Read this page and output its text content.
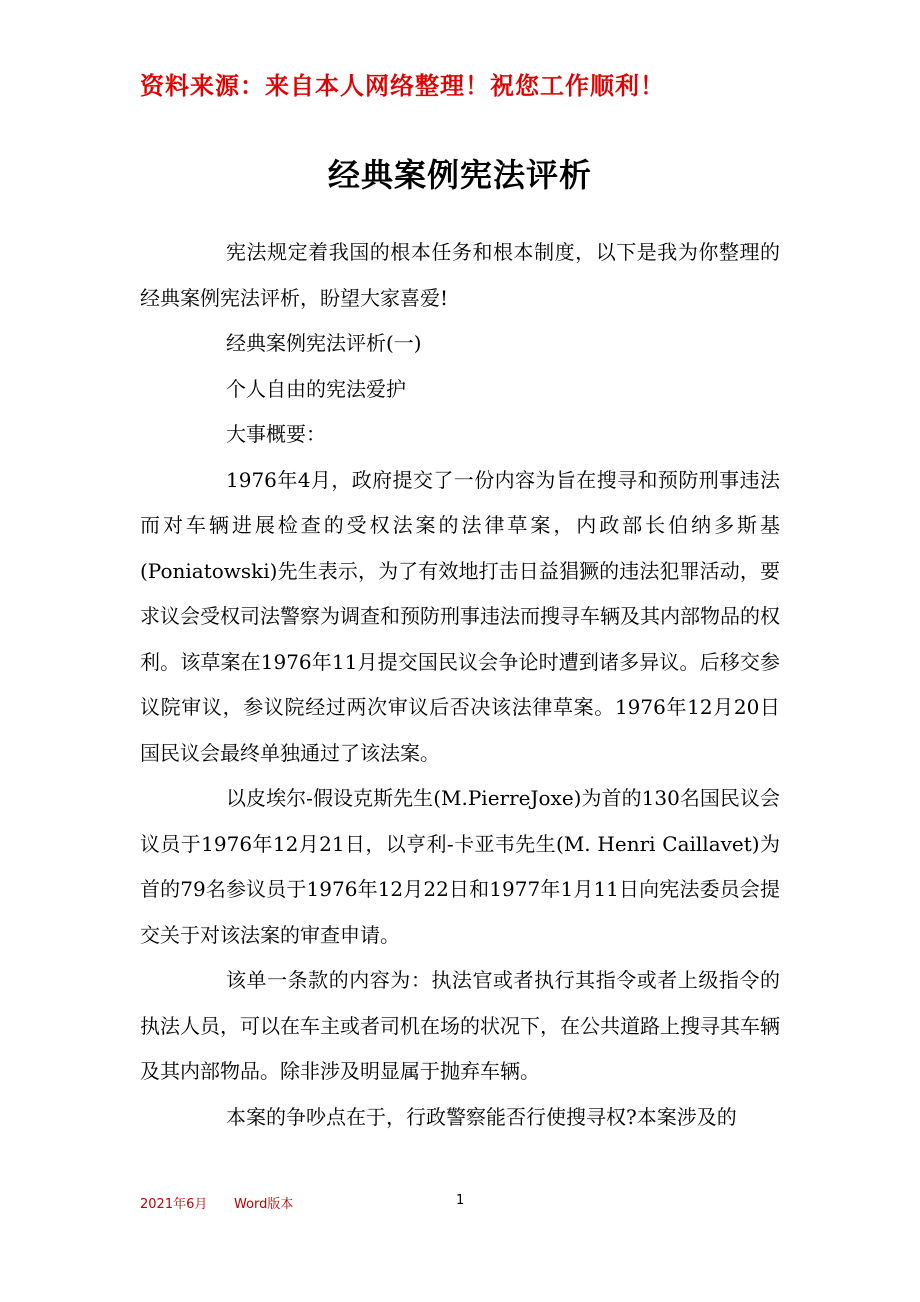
资料来源：来自本人网络整理！祝您工作顺利！
经典案例宪法评析

宪法规定着我国的根本任务和根本制度，以下是我为你整理的经典案例宪法评析，盼望大家喜爱!

经典案例宪法评析(一)

个人自由的宪法爱护

大事概要：

1976年4月，政府提交了一份内容为旨在搜寻和预防刑事违法而对车辆进展检查的受权法案的法律草案，内政部长伯纳多斯基(Poniatowski)先生表示，为了有效地打击日益猖獗的违法犯罪活动，要求议会受权司法警察为调查和预防刑事违法而搜寻车辆及其内部物品的权利。该草案在1976年11月提交国民议会争论时遭到诸多异议。后移交参议院审议，参议院经过两次审议后否决该法律草案。1976年12月20日国民议会最终单独通过了该法案。

以皮埃尔-假设克斯先生(M.PierreJoxe)为首的130名国民议会议员于1976年12月21日，以亨利-卡亚韦先生(M. Henri Caillavet)为首的79名参议员于1976年12月22日和1977年1月11日向宪法委员会提交关于对该法案的审查申请。

该单一条款的内容为：执法官或者执行其指令或者上级指令的执法人员，可以在车主或者司机在场的状况下，在公共道路上搜寻其车辆及其内部物品。除非涉及明显属于抛弃车辆。

本案的争吵点在于，行政警察能否行使搜寻权?本案涉及的

2021年6月 Word版本	1
